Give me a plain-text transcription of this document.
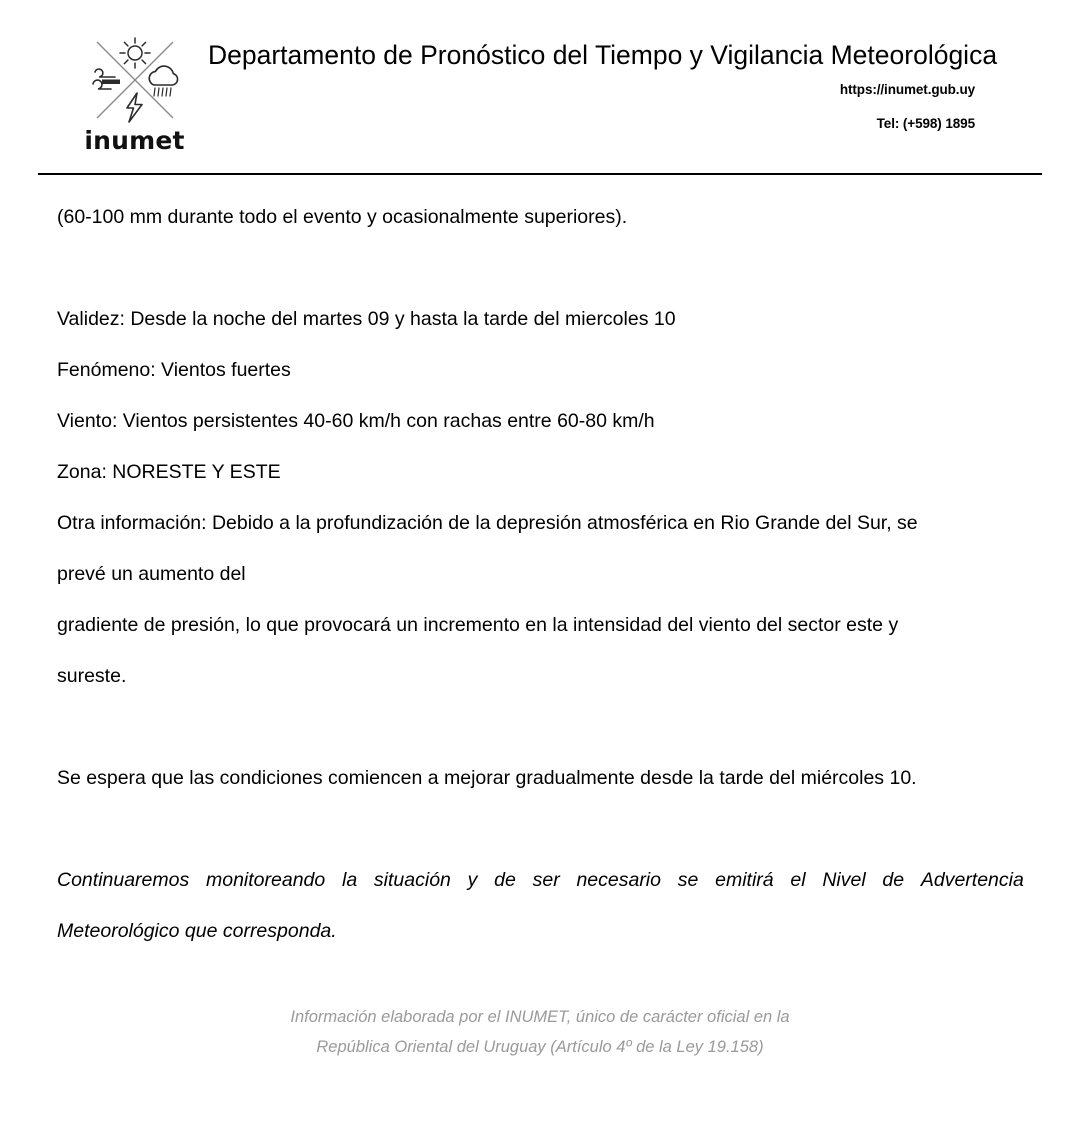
inumet
Departamento de Pronóstico del Tiempo y Vigilancia Meteorológica
https://inumet.gub.uy
Tel: (+598) 1895

(60-100 mm durante todo el evento y ocasionalmente superiores).

Validez: Desde la noche del martes 09 y hasta la tarde del miercoles 10

Fenómeno: Vientos fuertes

Viento: Vientos persistentes 40-60 km/h con rachas entre 60-80 km/h

Zona: NORESTE Y ESTE

Otra información: Debido a la profundización de la depresión atmosférica en Rio Grande del Sur, se

prevé un aumento del

gradiente de presión, lo que provocará un incremento en la intensidad del viento del sector este y

sureste.

Se espera que las condiciones comiencen a mejorar gradualmente desde la tarde del miércoles 10.

Continuaremos monitoreando la situación y de ser necesario se emitirá el Nivel de Advertencia
Meteorológico que corresponda.
Información elaborada por el INUMET, único de carácter oficial en la
República Oriental del Uruguay (Artículo 4º de la Ley 19.158)
